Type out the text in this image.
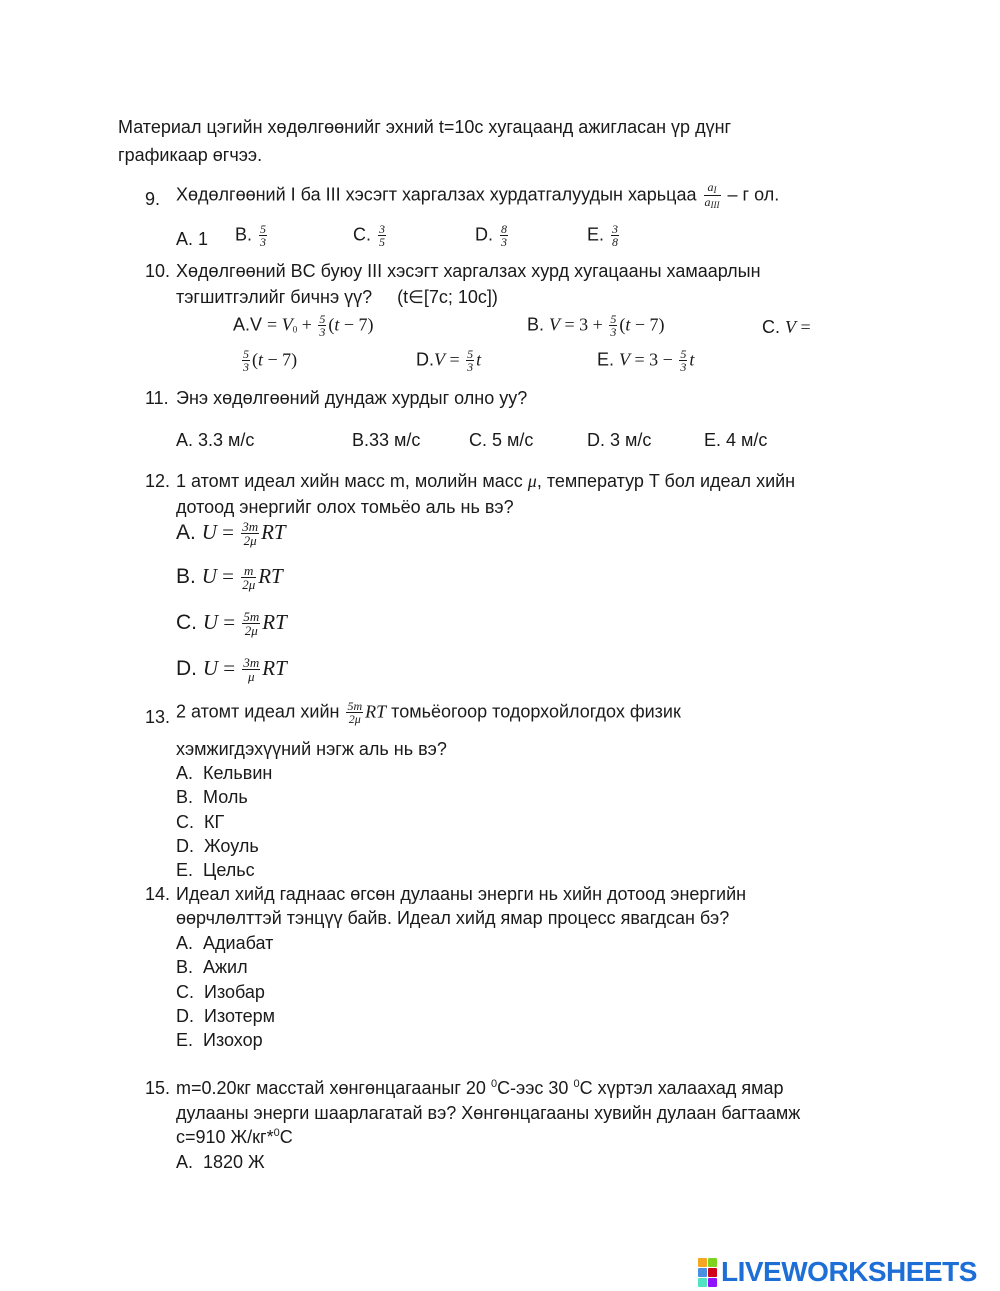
Материал цэгийн хөдөлгөөнийг эхний t=10с хугацаанд ажигласан үр дүнг
графикаар өгчээ.
9. Хөдөлгөөний I ба III хэсэгт харгалзах хурдатгалуудын харьцаа $\frac{a_I}{a_{III}}$ – г ол.
A. 1 B. $\frac{5}{3}$	C. $\frac{3}{5}$	D. $\frac{8}{3}$	E. $\frac{3}{8}$
10. Хөдөлгөөний BC буюу III хэсэгт харгалзах хурд хугацааны хамаарлын
тэгшитгэлийг бичнэ үү?     (t∈[7с; 10с])
$A.V = V_0 + \frac{5}{3} (t - 7)$	B. $V = 3 + \frac{5}{3} (t - 7)$	C. V =
$\frac{5}{3} (t - 7)$	$D.V = \frac{5}{3}$ t	E. $V = 3 - \frac{5}{3}$ t
11. Энэ хөдөлгөөний дундаж хурдыг олно уу?
A. 3.3 м/с	B.33 м/с	C. 5 м/с	D. 3 м/с	E. 4 м/с
12. 1 атомт идеал хийн масс m, молийн масс μ, температур T бол идеал хийн
дотоод энергийг олох томьёо аль нь вэ?
A. $U = \frac{3m}{2\mu}$ RT
B. $U = \frac{m}{2\mu}$ RT
C. $U = \frac{5m}{2\mu}$ RT
D. $U = \frac{3m}{\mu}$ RT
13. 2 атомт идеал хийн $\frac{5m}{2\mu}$ RT томьёогоор тодорхойлогдох физик
хэмжигдэхүүний нэгж аль нь вэ?
A.  Кельвин
B.  Моль
C.  КГ
D.  Жоуль
E.  Цельс
14. Идеал хийд гаднаас өгсөн дулааны энерги нь хийн дотоод энергийн
өөрчлөлттэй тэнцүү байв. Идеал хийд ямар процесс явагдсан бэ?
A.  Адиабат
B.  Ажил
C.  Изобар
D.  Изотерм
E.  Изохор
15. m=0.20кг масстай хөнгөнцагааныг 20 $^0$С-ээс 30 $^0$С хүртэл халаахад ямар
дулааны энерги шаарлагатай вэ? Хөнгөнцагааны хувийн дулаан багтаамж
c=910 Ж/кг*$^0$С
A.  1820 Ж
LIVEWORKSHEETS
